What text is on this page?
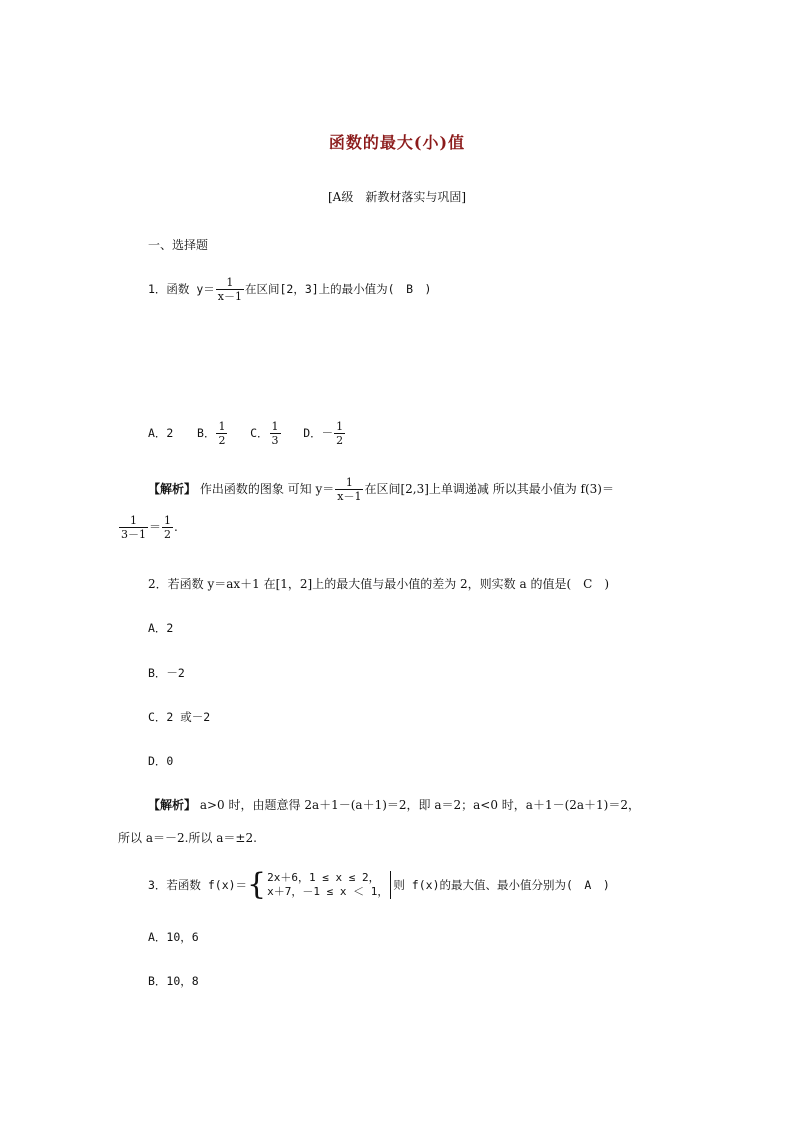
函数的最大(小)值
[A级　新教材落实与巩固]
一、选择题
1．函数 $y= \frac{1}{x-1}$ 在区间[2，3]上的最小值为(　B　)
A．2 B． $\frac{1}{2}$ C． $\frac{1}{3}$ D．－ $\frac{1}{2}$
【解析】 作出函数的图象 可知 $y= \frac{1}{x-1}$ 在区间[2,3]上单调递减 所以其最小值为 f(3)＝
$\frac{1}{3-1} = \frac{1}{2}$ .
2．若函数 y＝ax＋1 在[1，2]上的最大值与最小值的差为 2，则实数 a 的值是(　C　)
A．2
B．－2
C．2 或－2
D．0
【解析】 a>0 时，由题意得 2a＋1－(a＋1)＝2，即 a＝2；a<0 时，a＋1－(2a＋1)＝2，
所以 a＝－2.所以 a＝±2.
3．若函数 f(x)＝{ 2x＋6，1 ≤ x ≤ 2，
x＋7，－1 ≤ x ＜ 1， 则 f(x)的最大值、最小值分别为(　A　)
A．10，6
B．10，8
